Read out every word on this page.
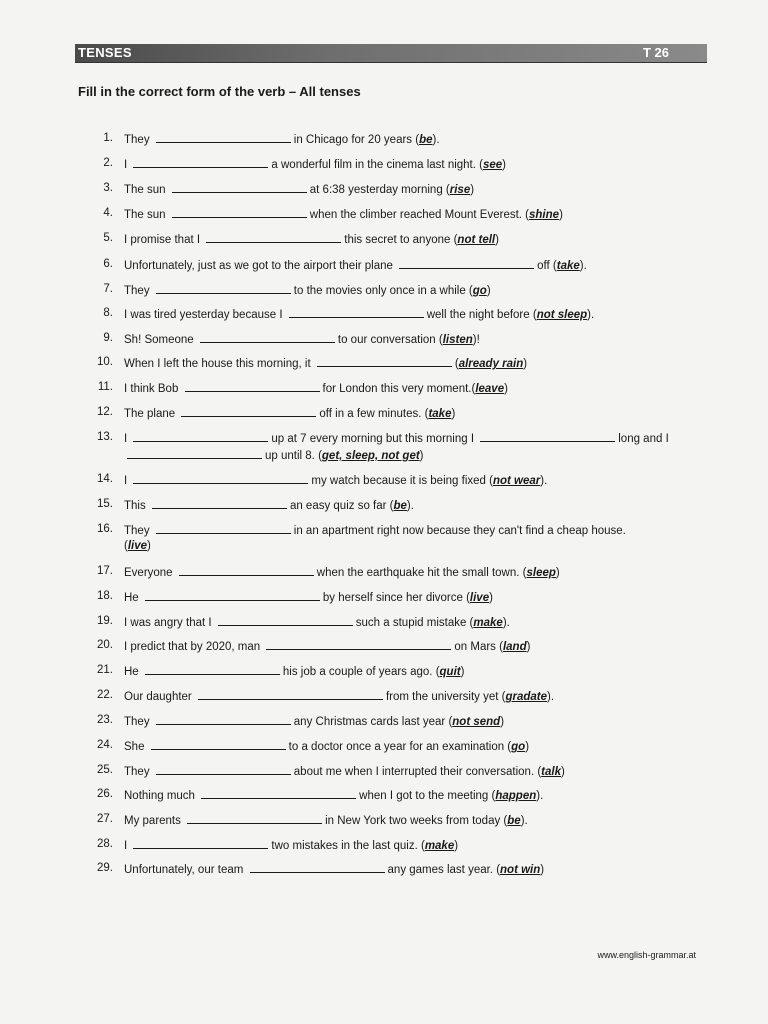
TENSES	T 26
Fill in the correct form of the verb – All tenses
1. They	in Chicago for 20 years (be).
2. I	a wonderful film in the cinema last night. (see)
3. The sun	at 6:38 yesterday morning (rise)
4. The sun	when the climber reached Mount Everest. (shine)
5. I promise that I	this secret to anyone (not tell)
6. Unfortunately, just as we got to the airport their plane	off (take).
7. They	to the movies only once in a while (go)
8. I was tired yesterday because I	well the night before (not sleep).
9. Sh! Someone	to our conversation (listen)!
10. When I left the house this morning, it	(already rain)
11. I think Bob	for London this very moment.(leave)
12. The plane	off in a few minutes. (take)
13. I	up at 7 every morning but this morning I	long and I
up until 8. (get, sleep, not get)
14. I	my watch because it is being fixed (not wear).
15. This	an easy quiz so far (be).
16. They	in an apartment right now because they can't find a cheap house.
(live)
17. Everyone	when the earthquake hit the small town. (sleep)
18. He	by herself since her divorce (live)
19. I was angry that I	such a stupid mistake (make).
20. I predict that by 2020, man	on Mars (land)
21. He	his job a couple of years ago. (quit)
22. Our daughter	from the university yet (gradate).
23. They	any Christmas cards last year (not send)
24. She	to a doctor once a year for an examination (go)
25. They	about me when I interrupted their conversation. (talk)
26. Nothing much	when I got to the meeting (happen).
27. My parents	in New York two weeks from today (be).
28. I	two mistakes in the last quiz. (make)
29. Unfortunately, our team	any games last year. (not win)
www.english-grammar.at
